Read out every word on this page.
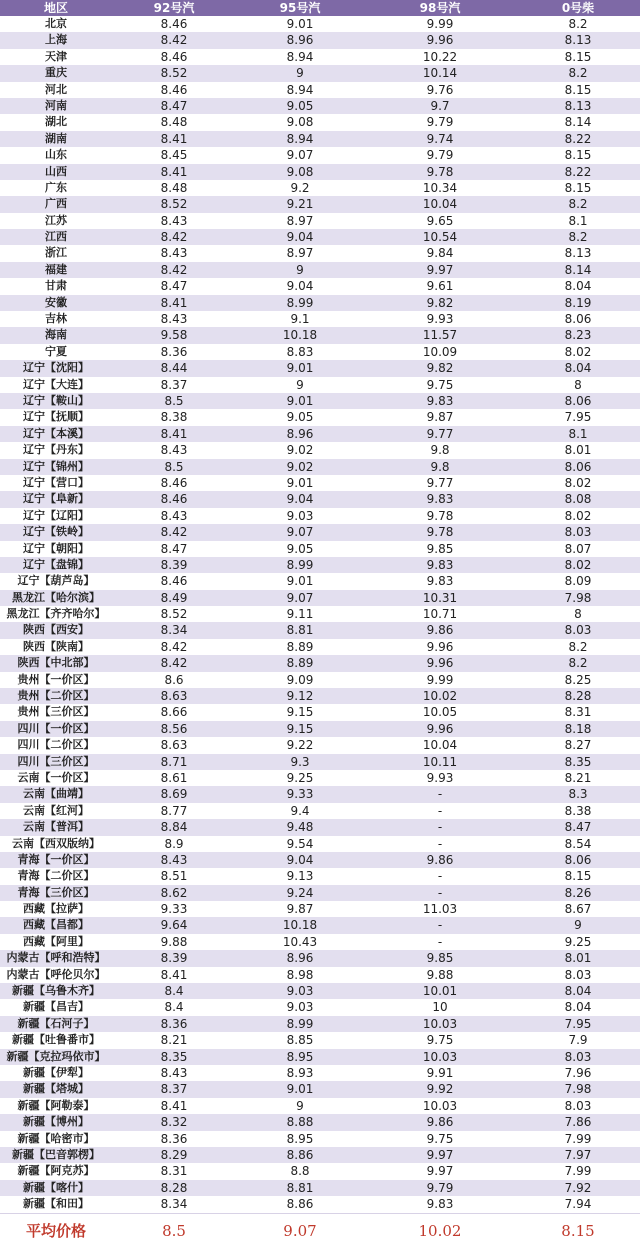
地区	92号汽	95号汽	98号汽	0号柴
北京	8.46	9.01	9.99	8.2
上海	8.42	8.96	9.96	8.13
天津	8.46	8.94	10.22	8.15
重庆	8.52	9	10.14	8.2
河北	8.46	8.94	9.76	8.15
河南	8.47	9.05	9.7	8.13
湖北	8.48	9.08	9.79	8.14
湖南	8.41	8.94	9.74	8.22
山东	8.45	9.07	9.79	8.15
山西	8.41	9.08	9.78	8.22
广东	8.48	9.2	10.34	8.15
广西	8.52	9.21	10.04	8.2
江苏	8.43	8.97	9.65	8.1
江西	8.42	9.04	10.54	8.2
浙江	8.43	8.97	9.84	8.13
福建	8.42	9	9.97	8.14
甘肃	8.47	9.04	9.61	8.04
安徽	8.41	8.99	9.82	8.19
吉林	8.43	9.1	9.93	8.06
海南	9.58	10.18	11.57	8.23
宁夏	8.36	8.83	10.09	8.02
辽宁【沈阳】	8.44	9.01	9.82	8.04
辽宁【大连】	8.37	9	9.75	8
辽宁【鞍山】	8.5	9.01	9.83	8.06
辽宁【抚顺】	8.38	9.05	9.87	7.95
辽宁【本溪】	8.41	8.96	9.77	8.1
辽宁【丹东】	8.43	9.02	9.8	8.01
辽宁【锦州】	8.5	9.02	9.8	8.06
辽宁【营口】	8.46	9.01	9.77	8.02
辽宁【阜新】	8.46	9.04	9.83	8.08
辽宁【辽阳】	8.43	9.03	9.78	8.02
辽宁【铁岭】	8.42	9.07	9.78	8.03
辽宁【朝阳】	8.47	9.05	9.85	8.07
辽宁【盘锦】	8.39	8.99	9.83	8.02
辽宁【葫芦岛】	8.46	9.01	9.83	8.09
黑龙江【哈尔滨】	8.49	9.07	10.31	7.98
黑龙江【齐齐哈尔】	8.52	9.11	10.71	8
陕西【西安】	8.34	8.81	9.86	8.03
陕西【陕南】	8.42	8.89	9.96	8.2
陕西【中北部】	8.42	8.89	9.96	8.2
贵州【一价区】	8.6	9.09	9.99	8.25
贵州【二价区】	8.63	9.12	10.02	8.28
贵州【三价区】	8.66	9.15	10.05	8.31
四川【一价区】	8.56	9.15	9.96	8.18
四川【二价区】	8.63	9.22	10.04	8.27
四川【三价区】	8.71	9.3	10.11	8.35
云南【一价区】	8.61	9.25	9.93	8.21
云南【曲靖】	8.69	9.33	-	8.3
云南【红河】	8.77	9.4	-	8.38
云南【普洱】	8.84	9.48	-	8.47
云南【西双版纳】	8.9	9.54	-	8.54
青海【一价区】	8.43	9.04	9.86	8.06
青海【二价区】	8.51	9.13	-	8.15
青海【三价区】	8.62	9.24	-	8.26
西藏【拉萨】	9.33	9.87	11.03	8.67
西藏【昌都】	9.64	10.18	-	9
西藏【阿里】	9.88	10.43	-	9.25
内蒙古【呼和浩特】	8.39	8.96	9.85	8.01
内蒙古【呼伦贝尔】	8.41	8.98	9.88	8.03
新疆【乌鲁木齐】	8.4	9.03	10.01	8.04
新疆【昌吉】	8.4	9.03	10	8.04
新疆【石河子】	8.36	8.99	10.03	7.95
新疆【吐鲁番市】	8.21	8.85	9.75	7.9
新疆【克拉玛依市】	8.35	8.95	10.03	8.03
新疆【伊犁】	8.43	8.93	9.91	7.96
新疆【塔城】	8.37	9.01	9.92	7.98
新疆【阿勒泰】	8.41	9	10.03	8.03
新疆【博州】	8.32	8.88	9.86	7.86
新疆【哈密市】	8.36	8.95	9.75	7.99
新疆【巴音郭楞】	8.29	8.86	9.97	7.97
新疆【阿克苏】	8.31	8.8	9.97	7.99
新疆【喀什】	8.28	8.81	9.79	7.92
新疆【和田】	8.34	8.86	9.83	7.94
平均价格	8.5	9.07	10.02	8.15
